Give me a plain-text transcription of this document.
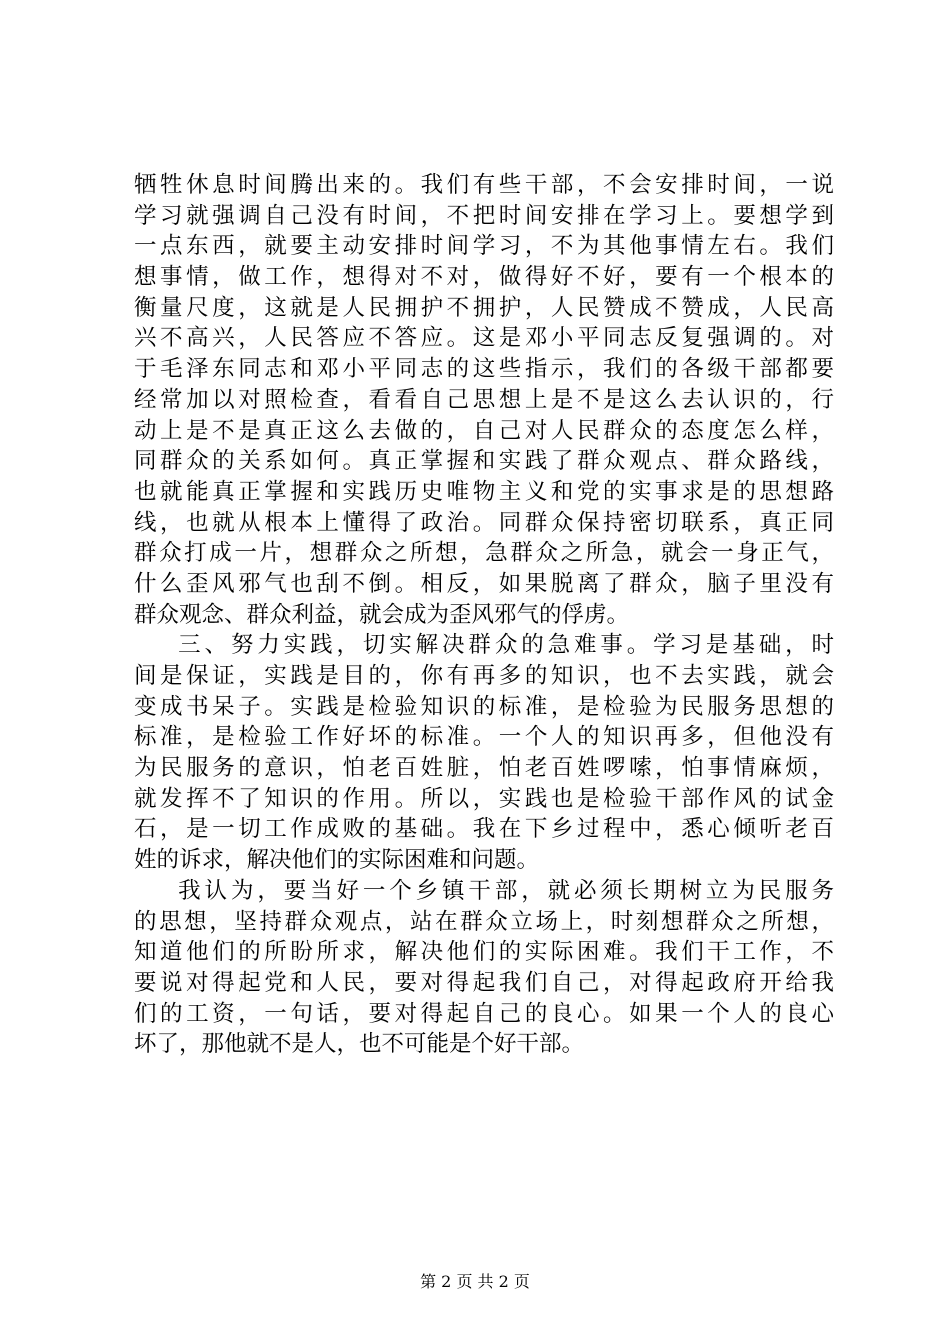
牺牲休息时间腾出来的。我们有些干部，不会安排时间，一说
学习就强调自己没有时间，不把时间安排在学习上。要想学到
一点东西，就要主动安排时间学习，不为其他事情左右。我们
想事情，做工作，想得对不对，做得好不好，要有一个根本的
衡量尺度，这就是人民拥护不拥护，人民赞成不赞成，人民高
兴不高兴，人民答应不答应。这是邓小平同志反复强调的。对
于毛泽东同志和邓小平同志的这些指示，我们的各级干部都要
经常加以对照检查，看看自己思想上是不是这么去认识的，行
动上是不是真正这么去做的，自己对人民群众的态度怎么样，
同群众的关系如何。真正掌握和实践了群众观点、群众路线，
也就能真正掌握和实践历史唯物主义和党的实事求是的思想路
线，也就从根本上懂得了政治。同群众保持密切联系，真正同
群众打成一片，想群众之所想，急群众之所急，就会一身正气，
什么歪风邪气也刮不倒。相反，如果脱离了群众，脑子里没有
群众观念、群众利益，就会成为歪风邪气的俘虏。
三、努力实践，切实解决群众的急难事。学习是基础，时
间是保证，实践是目的，你有再多的知识，也不去实践，就会
变成书呆子。实践是检验知识的标准，是检验为民服务思想的
标准，是检验工作好坏的标准。一个人的知识再多，但他没有
为民服务的意识，怕老百姓脏，怕老百姓啰嗦，怕事情麻烦，
就发挥不了知识的作用。所以，实践也是检验干部作风的试金
石，是一切工作成败的基础。我在下乡过程中，悉心倾听老百
姓的诉求，解决他们的实际困难和问题。
我认为，要当好一个乡镇干部，就必须长期树立为民服务
的思想，坚持群众观点，站在群众立场上，时刻想群众之所想，
知道他们的所盼所求，解决他们的实际困难。我们干工作，不
要说对得起党和人民，要对得起我们自己，对得起政府开给我
们的工资，一句话，要对得起自己的良心。如果一个人的良心
坏了，那他就不是人，也不可能是个好干部。
第 2 页 共 2 页
